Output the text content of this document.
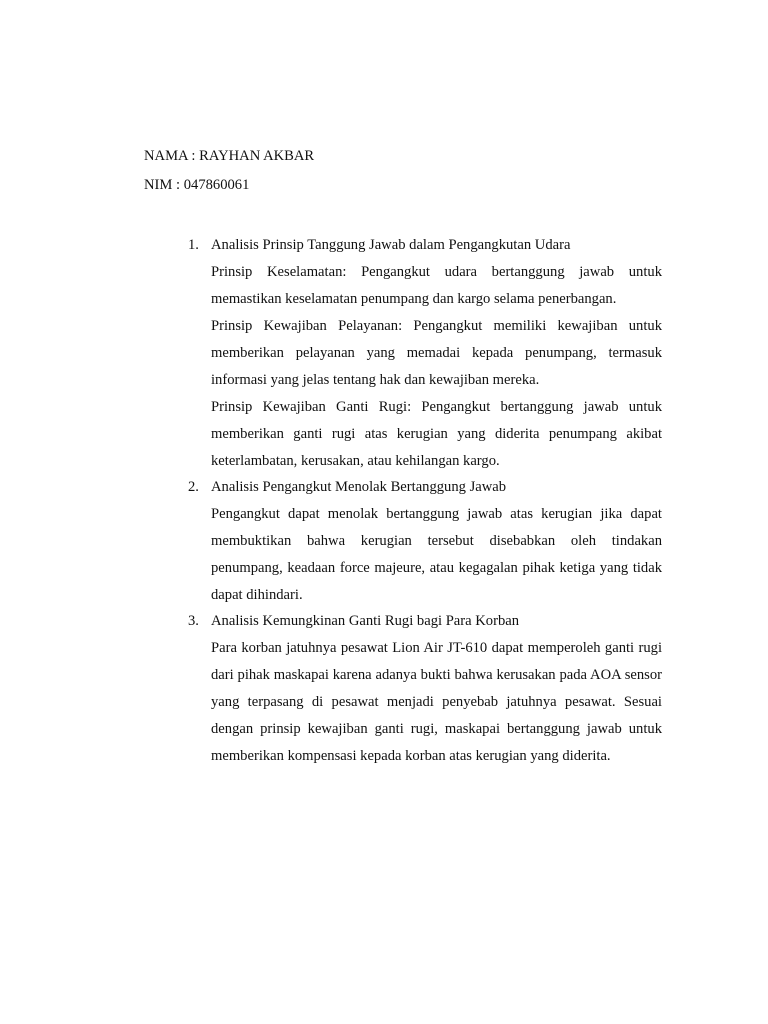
NAMA : RAYHAN AKBAR
NIM : 047860061
1. Analisis Prinsip Tanggung Jawab dalam Pengangkutan Udara

Prinsip Keselamatan: Pengangkut udara bertanggung jawab untuk memastikan keselamatan penumpang dan kargo selama penerbangan.

Prinsip Kewajiban Pelayanan: Pengangkut memiliki kewajiban untuk memberikan pelayanan yang memadai kepada penumpang, termasuk informasi yang jelas tentang hak dan kewajiban mereka.

Prinsip Kewajiban Ganti Rugi: Pengangkut bertanggung jawab untuk memberikan ganti rugi atas kerugian yang diderita penumpang akibat keterlambatan, kerusakan, atau kehilangan kargo.

2. Analisis Pengangkut Menolak Bertanggung Jawab

Pengangkut dapat menolak bertanggung jawab atas kerugian jika dapat membuktikan bahwa kerugian tersebut disebabkan oleh tindakan penumpang, keadaan force majeure, atau kegagalan pihak ketiga yang tidak dapat dihindari.

3. Analisis Kemungkinan Ganti Rugi bagi Para Korban

Para korban jatuhnya pesawat Lion Air JT-610 dapat memperoleh ganti rugi dari pihak maskapai karena adanya bukti bahwa kerusakan pada AOA sensor yang terpasang di pesawat menjadi penyebab jatuhnya pesawat. Sesuai dengan prinsip kewajiban ganti rugi, maskapai bertanggung jawab untuk memberikan kompensasi kepada korban atas kerugian yang diderita.
